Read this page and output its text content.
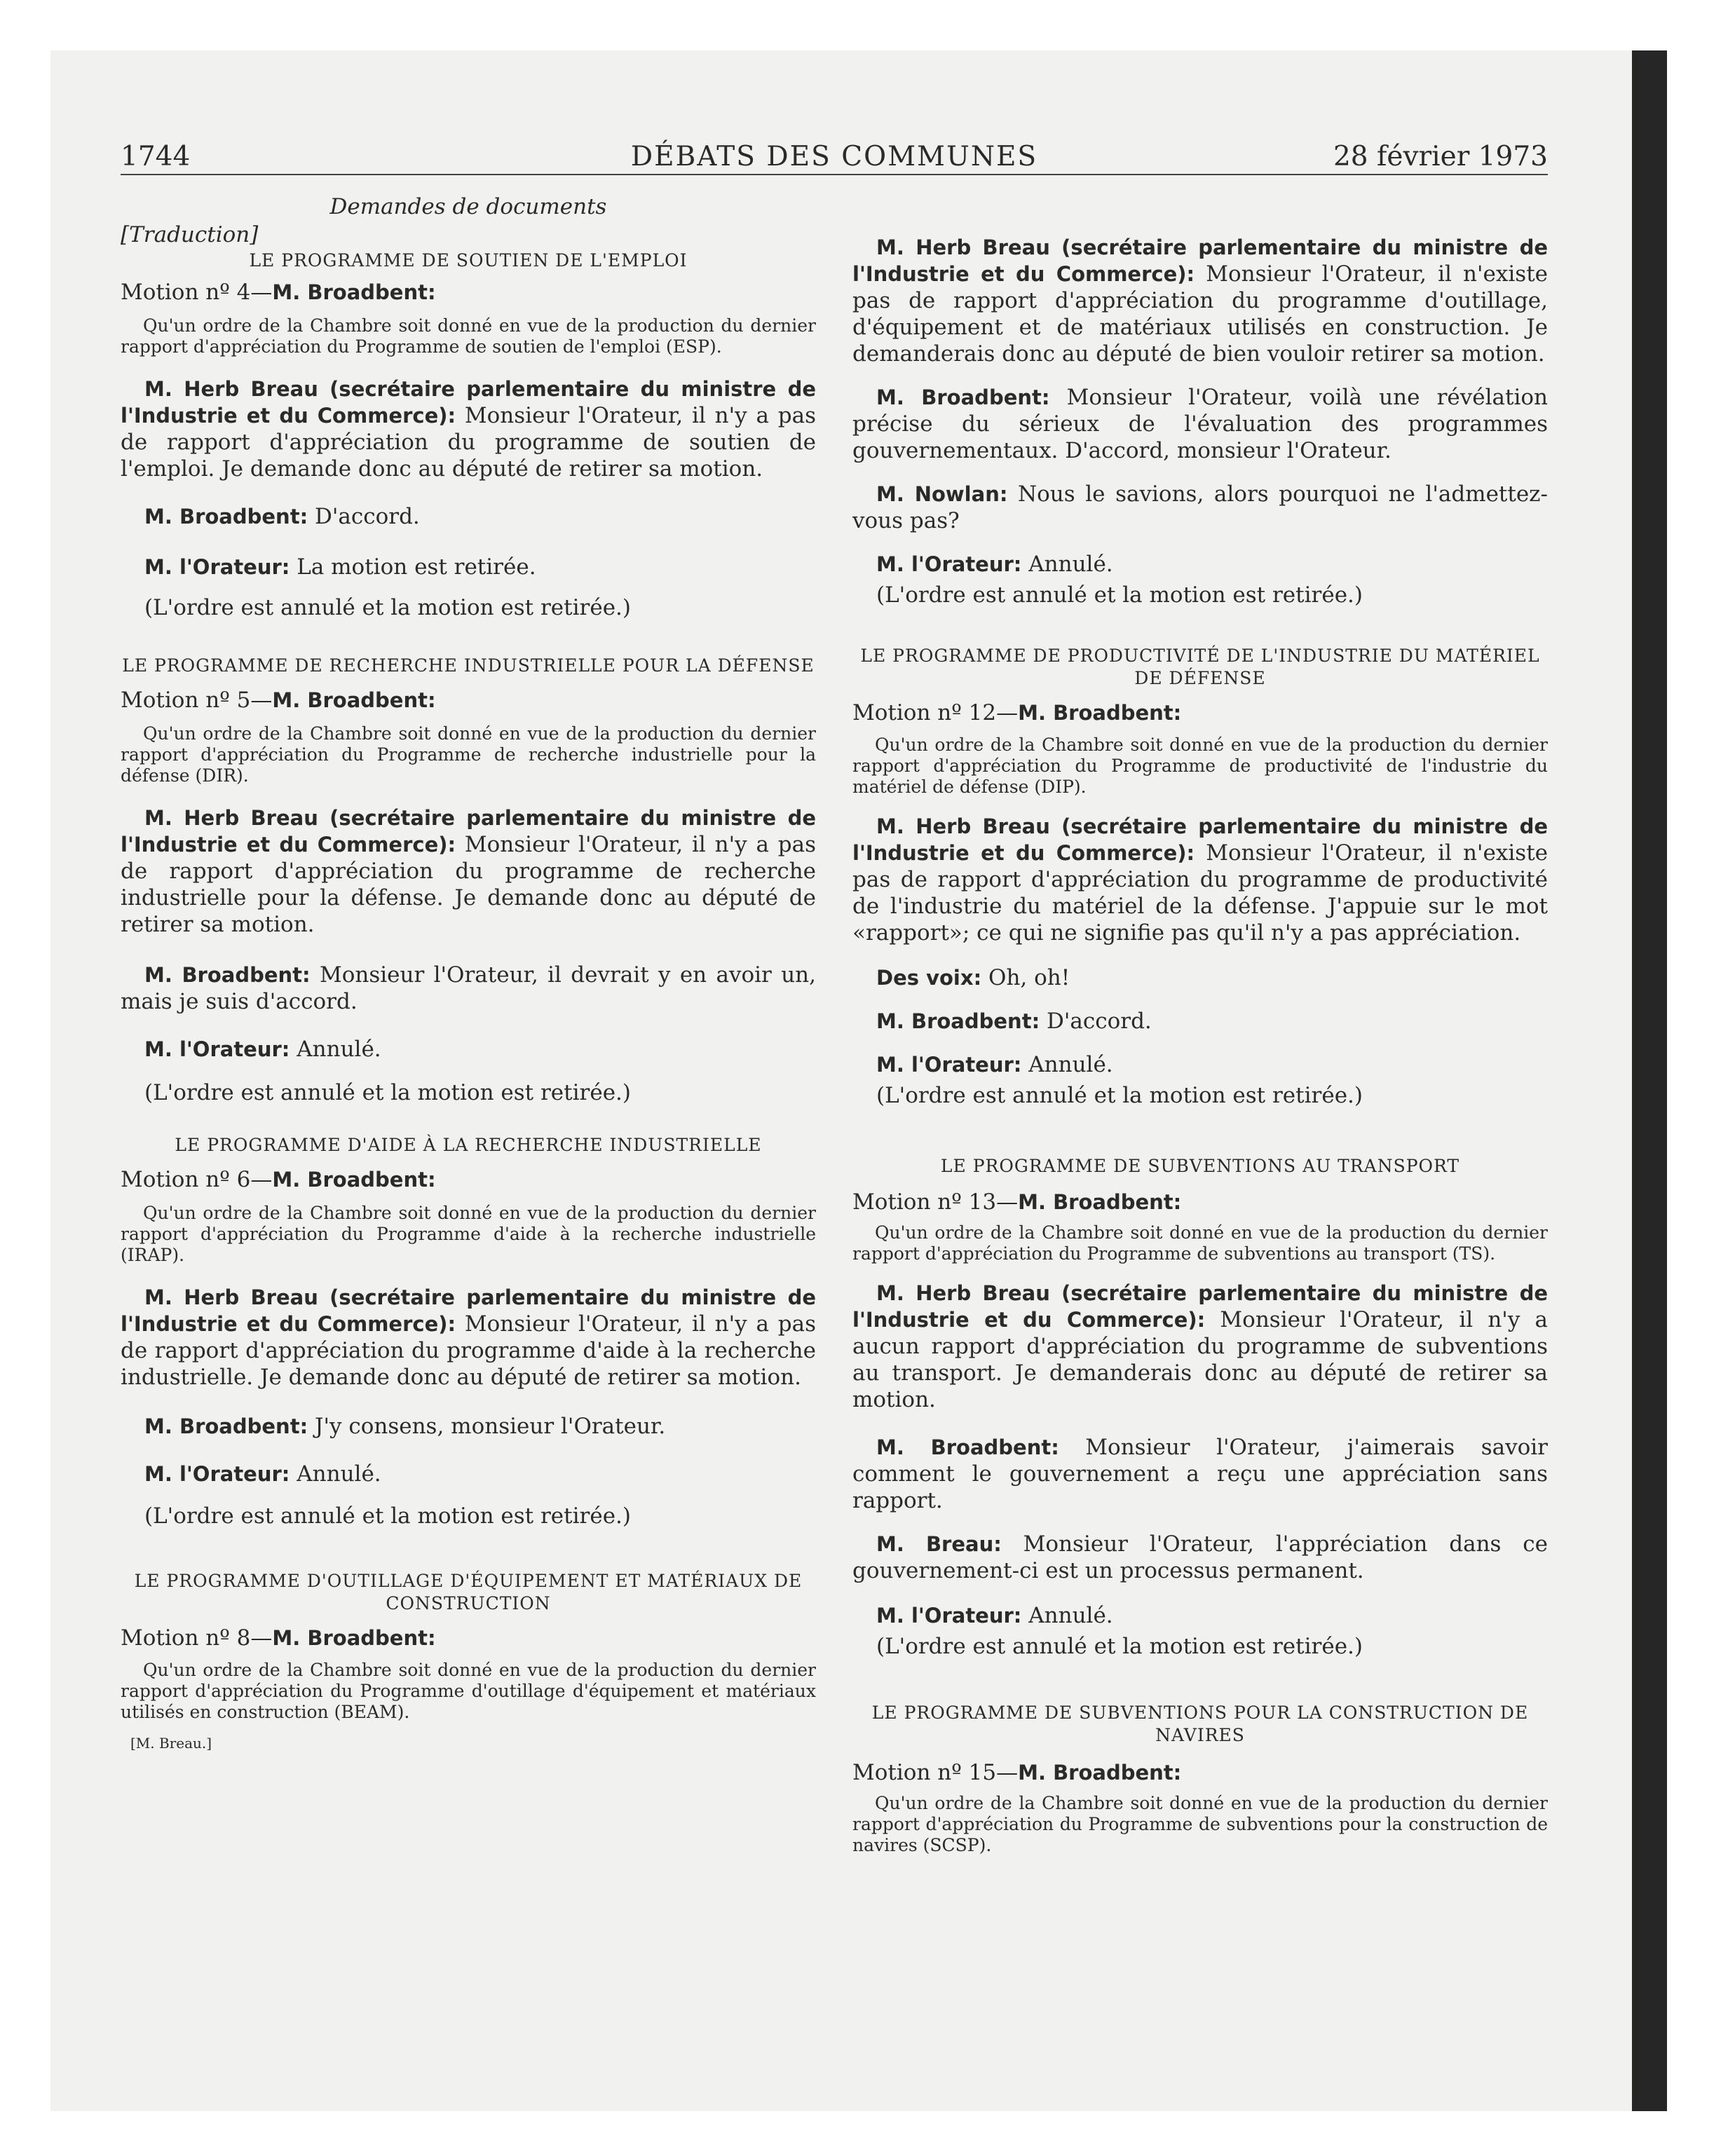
1744	DÉBATS DES COMMUNES	28 février 1973

Demandes de documents

[Traduction]

LE PROGRAMME DE SOUTIEN DE L'EMPLOI

Motion nº 4—M. Broadbent:

Qu'un ordre de la Chambre soit donné en vue de la production du dernier rapport d'appréciation du Programme de soutien de l'emploi (ESP).

M. Herb Breau (secrétaire parlementaire du ministre de l'Industrie et du Commerce): Monsieur l'Orateur, il n'y a pas de rapport d'appréciation du programme de soutien de l'emploi. Je demande donc au député de retirer sa motion.

M. Broadbent: D'accord.

M. l'Orateur: La motion est retirée.

(L'ordre est annulé et la motion est retirée.)

LE PROGRAMME DE RECHERCHE INDUSTRIELLE POUR LA DÉFENSE

Motion nº 5—M. Broadbent:

Qu'un ordre de la Chambre soit donné en vue de la production du dernier rapport d'appréciation du Programme de recherche industrielle pour la défense (DIR).

M. Herb Breau (secrétaire parlementaire du ministre de l'Industrie et du Commerce): Monsieur l'Orateur, il n'y a pas de rapport d'appréciation du programme de recherche industrielle pour la défense. Je demande donc au député de retirer sa motion.

M. Broadbent: Monsieur l'Orateur, il devrait y en avoir un, mais je suis d'accord.

M. l'Orateur: Annulé.

(L'ordre est annulé et la motion est retirée.)

LE PROGRAMME D'AIDE À LA RECHERCHE INDUSTRIELLE

Motion nº 6—M. Broadbent:

Qu'un ordre de la Chambre soit donné en vue de la production du dernier rapport d'appréciation du Programme d'aide à la recherche industrielle (IRAP).

M. Herb Breau (secrétaire parlementaire du ministre de l'Industrie et du Commerce): Monsieur l'Orateur, il n'y a pas de rapport d'appréciation du programme d'aide à la recherche industrielle. Je demande donc au député de retirer sa motion.

M. Broadbent: J'y consens, monsieur l'Orateur.

M. l'Orateur: Annulé.

(L'ordre est annulé et la motion est retirée.)

LE PROGRAMME D'OUTILLAGE D'ÉQUIPEMENT ET MATÉRIAUX DE CONSTRUCTION

Motion nº 8—M. Broadbent:

Qu'un ordre de la Chambre soit donné en vue de la production du dernier rapport d'appréciation du Programme d'outillage d'équipement et matériaux utilisés en construction (BEAM).

[M. Breau.]

M. Herb Breau (secrétaire parlementaire du ministre de l'Industrie et du Commerce): Monsieur l'Orateur, il n'existe pas de rapport d'appréciation du programme d'outillage, d'équipement et de matériaux utilisés en construction. Je demanderais donc au député de bien vouloir retirer sa motion.

M. Broadbent: Monsieur l'Orateur, voilà une révélation précise du sérieux de l'évaluation des programmes gouvernementaux. D'accord, monsieur l'Orateur.

M. Nowlan: Nous le savions, alors pourquoi ne l'admettez-vous pas?

M. l'Orateur: Annulé.

(L'ordre est annulé et la motion est retirée.)

LE PROGRAMME DE PRODUCTIVITÉ DE L'INDUSTRIE DU MATÉRIEL DE DÉFENSE

Motion nº 12—M. Broadbent:

Qu'un ordre de la Chambre soit donné en vue de la production du dernier rapport d'appréciation du Programme de productivité de l'industrie du matériel de défense (DIP).

M. Herb Breau (secrétaire parlementaire du ministre de l'Industrie et du Commerce): Monsieur l'Orateur, il n'existe pas de rapport d'appréciation du programme de productivité de l'industrie du matériel de la défense. J'appuie sur le mot «rapport»; ce qui ne signifie pas qu'il n'y a pas appréciation.

Des voix: Oh, oh!

M. Broadbent: D'accord.

M. l'Orateur: Annulé.

(L'ordre est annulé et la motion est retirée.)

LE PROGRAMME DE SUBVENTIONS AU TRANSPORT

Motion nº 13—M. Broadbent:

Qu'un ordre de la Chambre soit donné en vue de la production du dernier rapport d'appréciation du Programme de subventions au transport (TS).

M. Herb Breau (secrétaire parlementaire du ministre de l'Industrie et du Commerce): Monsieur l'Orateur, il n'y a aucun rapport d'appréciation du programme de subventions au transport. Je demanderais donc au député de retirer sa motion.

M. Broadbent: Monsieur l'Orateur, j'aimerais savoir comment le gouvernement a reçu une appréciation sans rapport.

M. Breau: Monsieur l'Orateur, l'appréciation dans ce gouvernement-ci est un processus permanent.

M. l'Orateur: Annulé.

(L'ordre est annulé et la motion est retirée.)

LE PROGRAMME DE SUBVENTIONS POUR LA CONSTRUCTION DE NAVIRES

Motion nº 15—M. Broadbent:

Qu'un ordre de la Chambre soit donné en vue de la production du dernier rapport d'appréciation du Programme de subventions pour la construction de navires (SCSP).
